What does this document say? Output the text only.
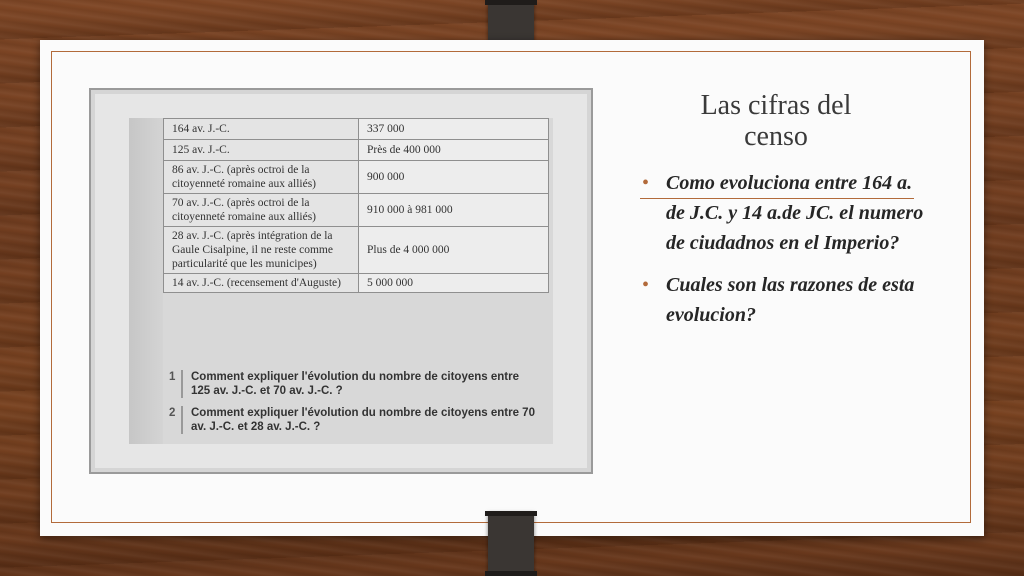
164 av. J.-C.	337 000
125 av. J.-C.	Près de 400 000
86 av. J.-C. (après octroi de la citoyenneté romaine aux alliés)	900 000
70 av. J.-C. (après octroi de la citoyenneté romaine aux alliés)	910 000 à 981 000
28 av. J.-C. (après intégration de la Gaule Cisalpine, il ne reste comme particularité que les municipes)	Plus de 4 000 000
14 av. J.-C. (recensement d'Auguste)	5 000 000
1 Comment expliquer l'évolution du nombre de citoyens entre 125 av. J.-C. et 70 av. J.-C. ?
2 Comment expliquer l'évolution du nombre de citoyens entre 70 av. J.-C. et 28 av. J.-C. ?
Las cifras del censo
• Como evoluciona entre 164 a. de J.C. y 14 a.de JC. el numero de ciudadnos en el Imperio?
• Cuales son las razones de esta evolucion?
